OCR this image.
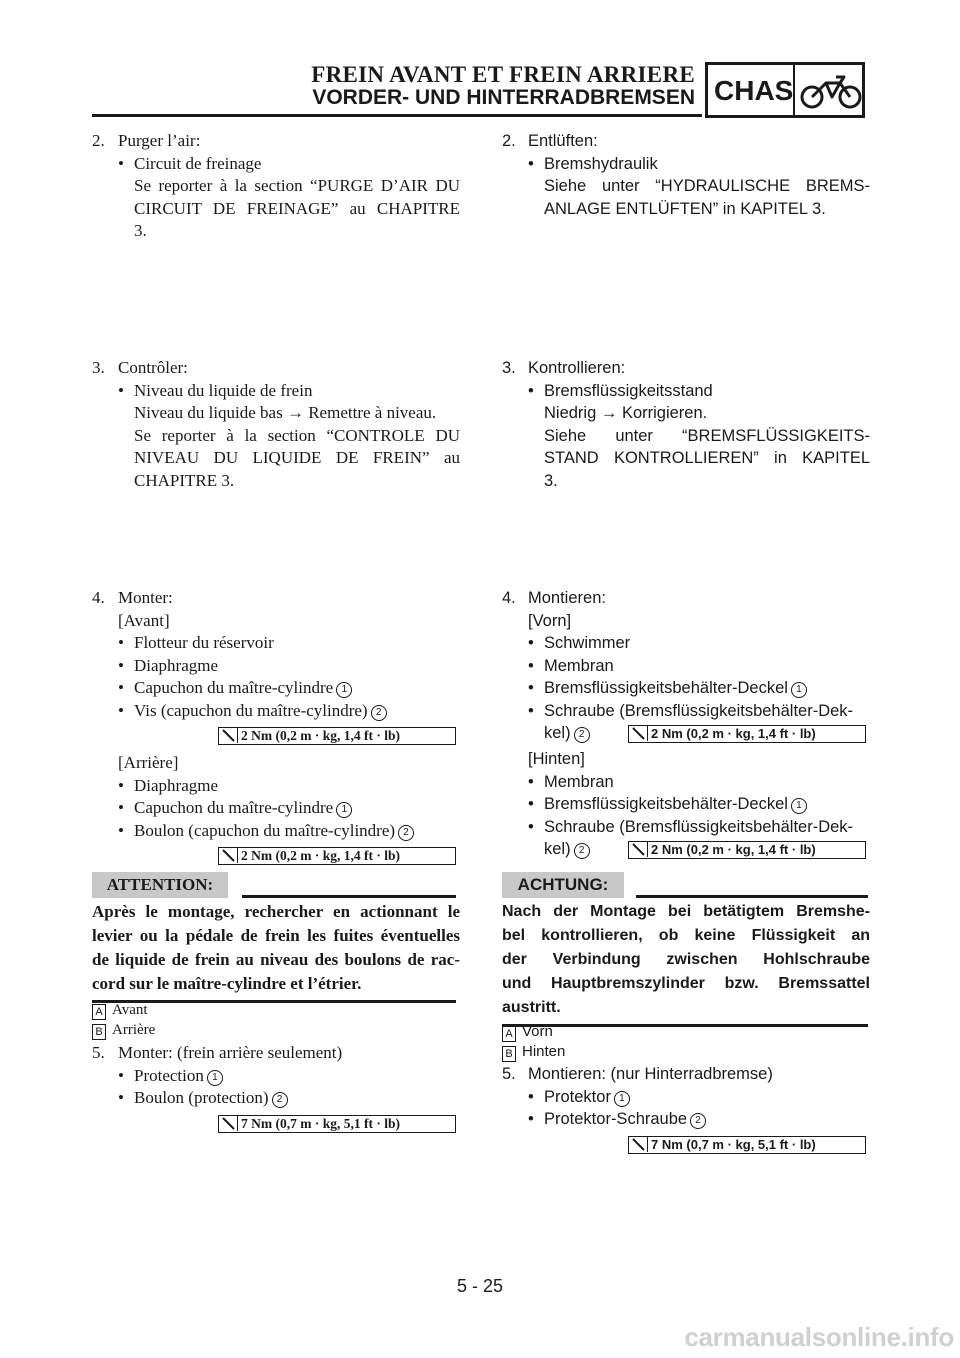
FREIN AVANT ET FREIN ARRIERE
VORDER- UND HINTERRADBREMSEN CHAS
2. Purger l’air:
• Circuit de freinage
Se reporter à la section “PURGE D’AIR DU
CIRCUIT DE FREINAGE” au CHAPITRE
3.
3. Contrôler:
• Niveau du liquide de frein
Niveau du liquide bas → Remettre à niveau.
Se reporter à la section “CONTROLE DU
NIVEAU DU LIQUIDE DE FREIN” au
CHAPITRE 3.
4. Monter:
[Avant]
• Flotteur du réservoir
• Diaphragme
• Capuchon du maître-cylindre 1
• Vis (capuchon du maître-cylindre) 2
2 Nm (0,2 m · kg, 1,4 ft · lb)
[Arrière]
• Diaphragme
• Capuchon du maître-cylindre 1
• Boulon (capuchon du maître-cylindre) 2
2 Nm (0,2 m · kg, 1,4 ft · lb)
ATTENTION:
Après le montage, rechercher en actionnant le
levier ou la pédale de frein les fuites éventuelles
de liquide de frein au niveau des boulons de rac-
cord sur le maître-cylindre et l’étrier.
A Avant
B Arrière
5. Monter: (frein arrière seulement)
• Protection 1
• Boulon (protection) 2
7 Nm (0,7 m · kg, 5,1 ft · lb)
2. Entlüften:
• Bremshydraulik
Siehe unter “HYDRAULISCHE BREMS-
ANLAGE ENTLÜFTEN” in KAPITEL 3.
3. Kontrollieren:
• Bremsflüssigkeitsstand
Niedrig → Korrigieren.
Siehe unter “BREMSFLÜSSIGKEITS-
STAND KONTROLLIEREN” in KAPITEL
3.
4. Montieren:
[Vorn]
• Schwimmer
• Membran
• Bremsflüssigkeitsbehälter-Deckel 1
• Schraube (Bremsflüssigkeitsbehälter-Dek-
kel) 2	2 Nm (0,2 m · kg, 1,4 ft · lb)
[Hinten]
• Membran
• Bremsflüssigkeitsbehälter-Deckel 1
• Schraube (Bremsflüssigkeitsbehälter-Dek-
kel) 2	2 Nm (0,2 m · kg, 1,4 ft · lb)
ACHTUNG:
Nach der Montage bei betätigtem Bremshe-
bel kontrollieren, ob keine Flüssigkeit an
der Verbindung zwischen Hohlschraube
und Hauptbremszylinder bzw. Bremssattel
austritt.
A Vorn
B Hinten
5. Montieren: (nur Hinterradbremse)
• Protektor 1
• Protektor-Schraube 2
7 Nm (0,7 m · kg, 5,1 ft · lb)
5 - 25
carmanualsonline.info
